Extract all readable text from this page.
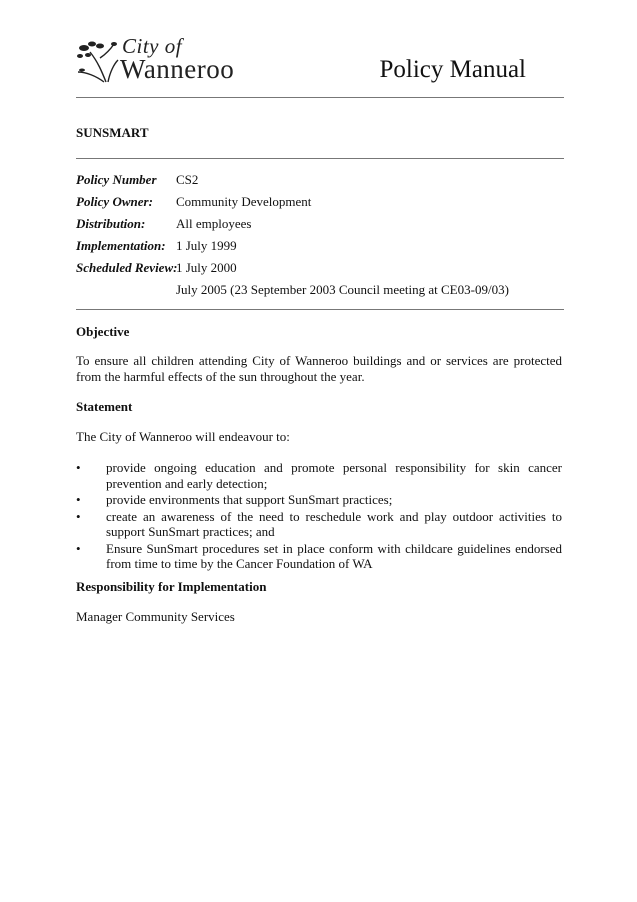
City of
Wanneroo	Policy Manual
SUNSMART
Policy Number CS2
Policy Owner: Community Development
Distribution: All employees
Implementation: 1 July 1999
Scheduled Review:
1 July 2000
July 2005 (23 September 2003 Council meeting at CE03-09/03)
Objective
To ensure all children attending City of Wanneroo buildings and or services are protected from the harmful effects of the sun throughout the year.
Statement
The City of Wanneroo will endeavour to:
• provide ongoing education and promote personal responsibility for skin cancer prevention and early detection;
• provide environments that support SunSmart practices;
• create an awareness of the need to reschedule work and play outdoor activities to support SunSmart practices; and
• Ensure SunSmart procedures set in place conform with childcare guidelines endorsed from time to time by the Cancer Foundation of WA
Responsibility for Implementation
Manager Community Services
